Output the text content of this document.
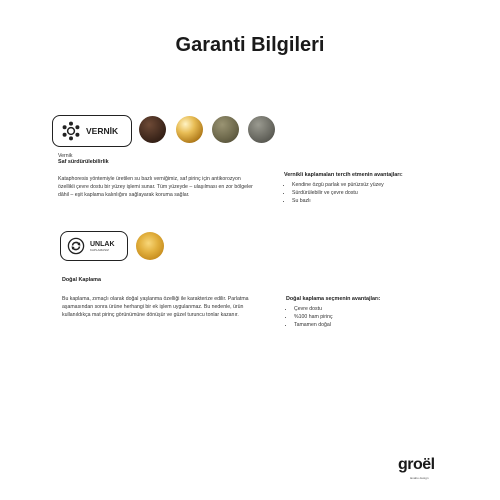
Garanti Bilgileri
VERNİK
Vernik
Saf sürdürülebilirlik
Kataphoresis yöntemiyle üretilen su bazlı verniğimiz, saf pirinç için antikorozyon özellikli çevre dostu bir yüzey işlemi sunar. Tüm yüzeyde – ulaşılması en zor bölgeler dâhil – eşit kaplama kalınlığını sağlayarak koruma sağlar.
Vernikli kaplamaları tercih etmenin avantajları:
• Kendine özgü parlak ve pürüzsüz yüzey
• Sürdürülebilir ve çevre dostu
• Su bazlı
UNLAK
KAPLAMASIZ
Doğal Kaplama
Bu kaplama, zımaçlı olarak doğal yaşlanma özelliği ile karakterize edilir. Parlatma aşamasından sonra ürüne herhangi bir ek işlem uygulanmaz. Bu nedenle, ürün kullanıldıkça mat pirinç görünümüne dönüşür ve güzel turuncu tonlar kazanır.
Doğal kaplama seçmenin avantajları:
• Çevre dostu
• %100 ham pirinç
• Tamamen doğal
groël
lavabo design
